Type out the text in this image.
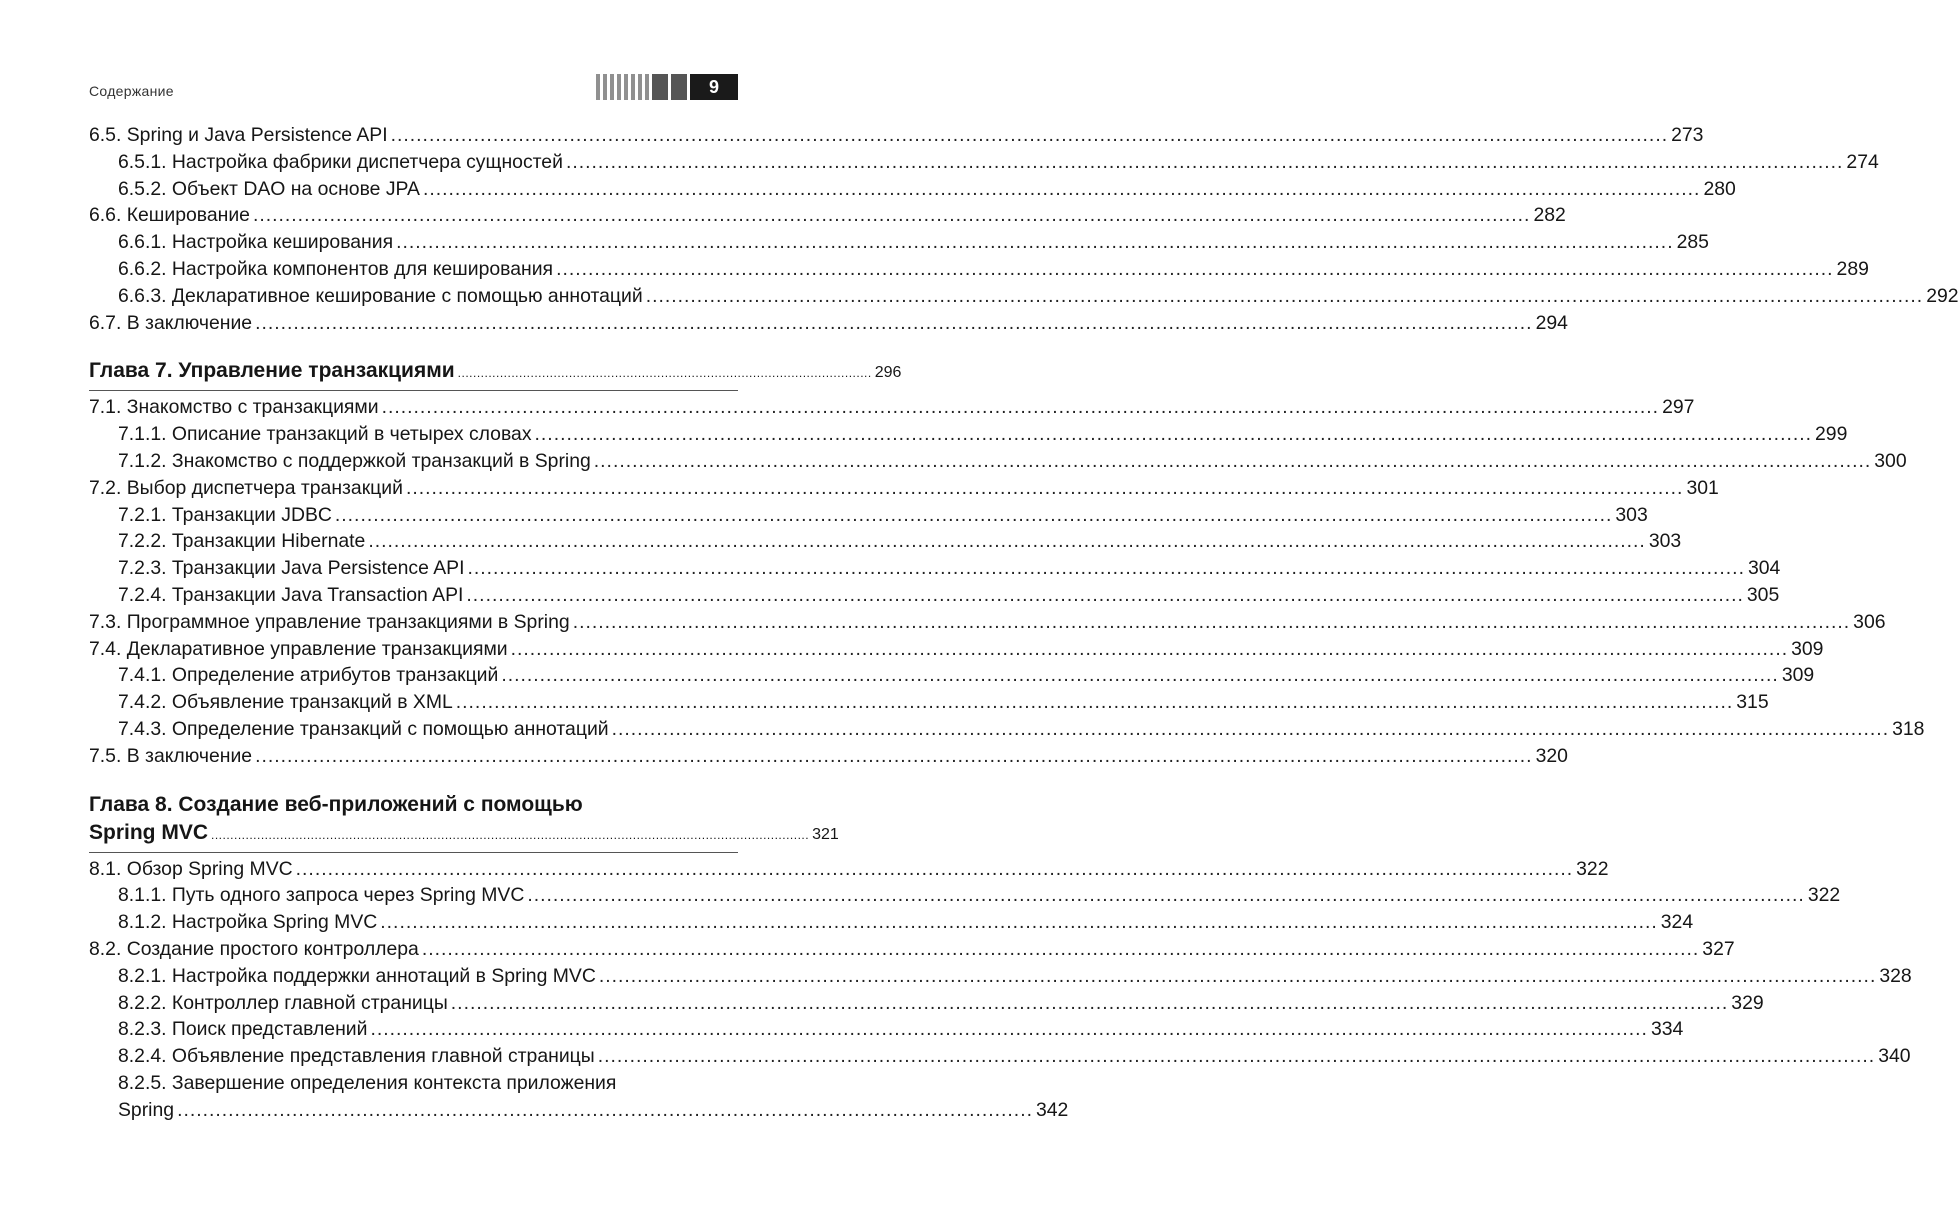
Содержание	9
6.5. Spring и Java Persistence API ........................................................................................................................................................................................................ 273
6.5.1. Настройка фабрики диспетчера сущностей ........................................................................................................................................................................................................ 274
6.5.2. Объект DAO на основе JPA ........................................................................................................................................................................................................ 280
6.6. Кеширование ........................................................................................................................................................................................................ 282
6.6.1. Настройка кеширования ........................................................................................................................................................................................................ 285
6.6.2. Настройка компонентов для кеширования ........................................................................................................................................................................................................ 289
6.6.3. Декларативное кеширование с помощью аннотаций ........................................................................................................................................................................................................ 292
6.7. В заключение ........................................................................................................................................................................................................ 294
Глава 7. Управление транзакциями ............................................................................................................ 296
7.1. Знакомство с транзакциями ........................................................................................................................................................................................................ 297
7.1.1. Описание транзакций в четырех словах ........................................................................................................................................................................................................ 299
7.1.2. Знакомство с поддержкой транзакций в Spring ........................................................................................................................................................................................................ 300
7.2. Выбор диспетчера транзакций ........................................................................................................................................................................................................ 301
7.2.1. Транзакции JDBC ........................................................................................................................................................................................................ 303
7.2.2. Транзакции Hibernate ........................................................................................................................................................................................................ 303
7.2.3. Транзакции Java Persistence API ........................................................................................................................................................................................................ 304
7.2.4. Транзакции Java Transaction API ........................................................................................................................................................................................................ 305
7.3. Программное управление транзакциями в Spring ........................................................................................................................................................................................................ 306
7.4. Декларативное управление транзакциями ........................................................................................................................................................................................................ 309
7.4.1. Определение атрибутов транзакций ........................................................................................................................................................................................................ 309
7.4.2. Объявление транзакций в XML ........................................................................................................................................................................................................ 315
7.4.3. Определение транзакций с помощью аннотаций ........................................................................................................................................................................................................ 318
7.5. В заключение ........................................................................................................................................................................................................ 320
Глава 8. Создание веб-приложений с помощью
Spring MVC ............................................................................................................................................................ 321
8.1. Обзор Spring MVC ........................................................................................................................................................................................................ 322
8.1.1. Путь одного запроса через Spring MVC ........................................................................................................................................................................................................ 322
8.1.2. Настройка Spring MVC ........................................................................................................................................................................................................ 324
8.2. Создание простого контроллера ........................................................................................................................................................................................................ 327
8.2.1. Настройка поддержки аннотаций в Spring MVC ........................................................................................................................................................................................................ 328
8.2.2. Контроллер главной страницы ........................................................................................................................................................................................................ 329
8.2.3. Поиск представлений ........................................................................................................................................................................................................ 334
8.2.4. Объявление представления главной страницы ........................................................................................................................................................................................................ 340
8.2.5. Завершение определения контекста приложения
Spring ...................................................................................................................................... 342
